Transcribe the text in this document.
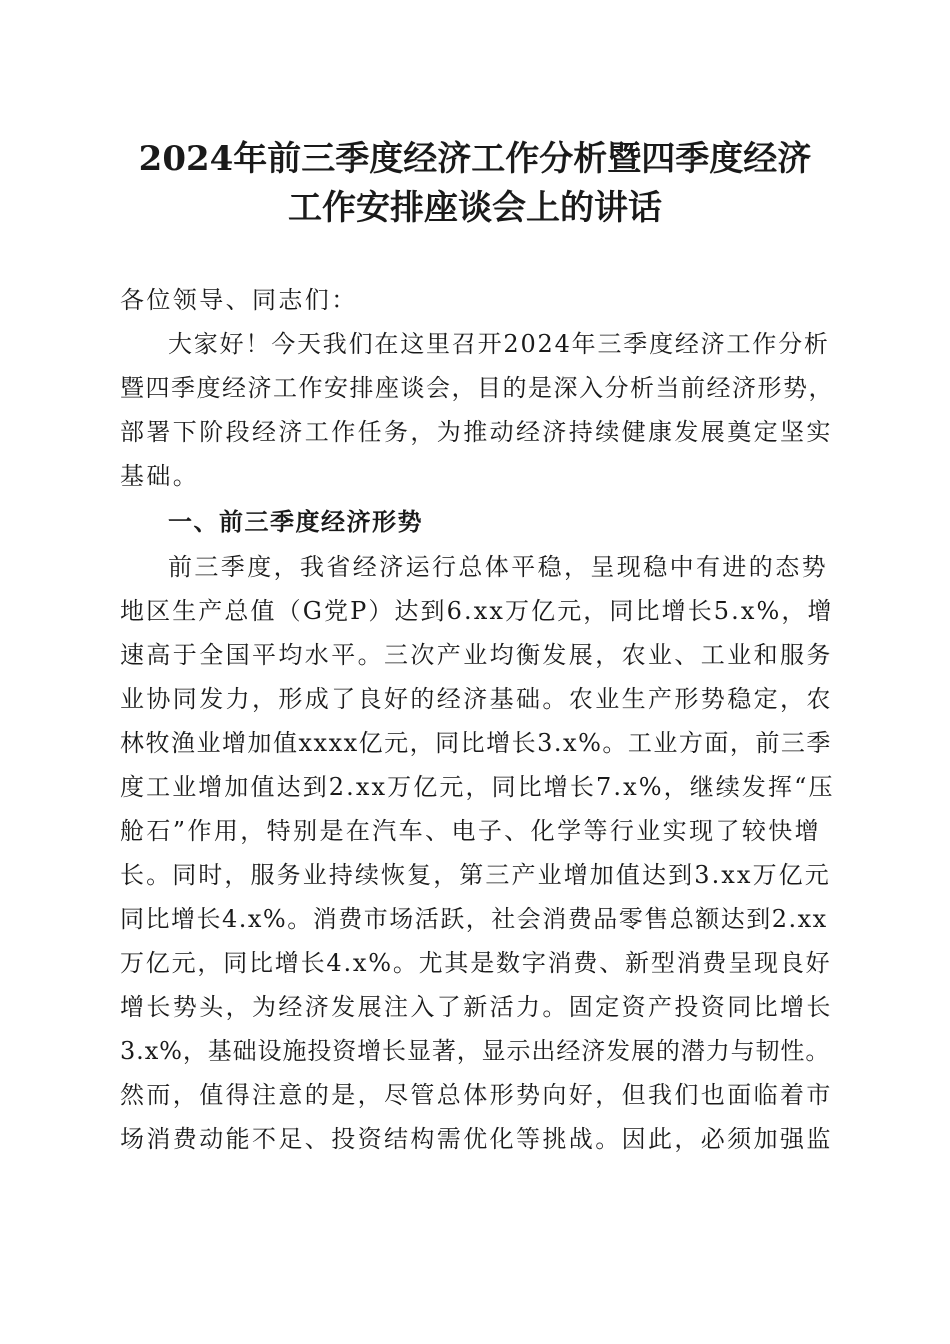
2024年前三季度经济工作分析暨四季度经济
工作安排座谈会上的讲话
各位领导、同志们：
大家好！今天我们在这里召开2024年三季度经济工作分析
暨四季度经济工作安排座谈会，目的是深入分析当前经济形势，
部署下阶段经济工作任务，为推动经济持续健康发展奠定坚实
基础。
一、前三季度经济形势
前三季度，我省经济运行总体平稳，呈现稳中有进的态势
地区生产总值（G党P）达到6.xx万亿元，同比增长5.x%，增
速高于全国平均水平。三次产业均衡发展，农业、工业和服务
业协同发力，形成了良好的经济基础。农业生产形势稳定，农
林牧渔业增加值xxxx亿元，同比增长3.x%。工业方面，前三季
度工业增加值达到2.xx万亿元，同比增长7.x%，继续发挥“压
舱石”作用，特别是在汽车、电子、化学等行业实现了较快增
长。同时，服务业持续恢复，第三产业增加值达到3.xx万亿元
同比增长4.x%。消费市场活跃，社会消费品零售总额达到2.xx
万亿元，同比增长4.x%。尤其是数字消费、新型消费呈现良好
增长势头，为经济发展注入了新活力。固定资产投资同比增长
3.x%，基础设施投资增长显著，显示出经济发展的潜力与韧性。
然而，值得注意的是，尽管总体形势向好，但我们也面临着市
场消费动能不足、投资结构需优化等挑战。因此，必须加强监
